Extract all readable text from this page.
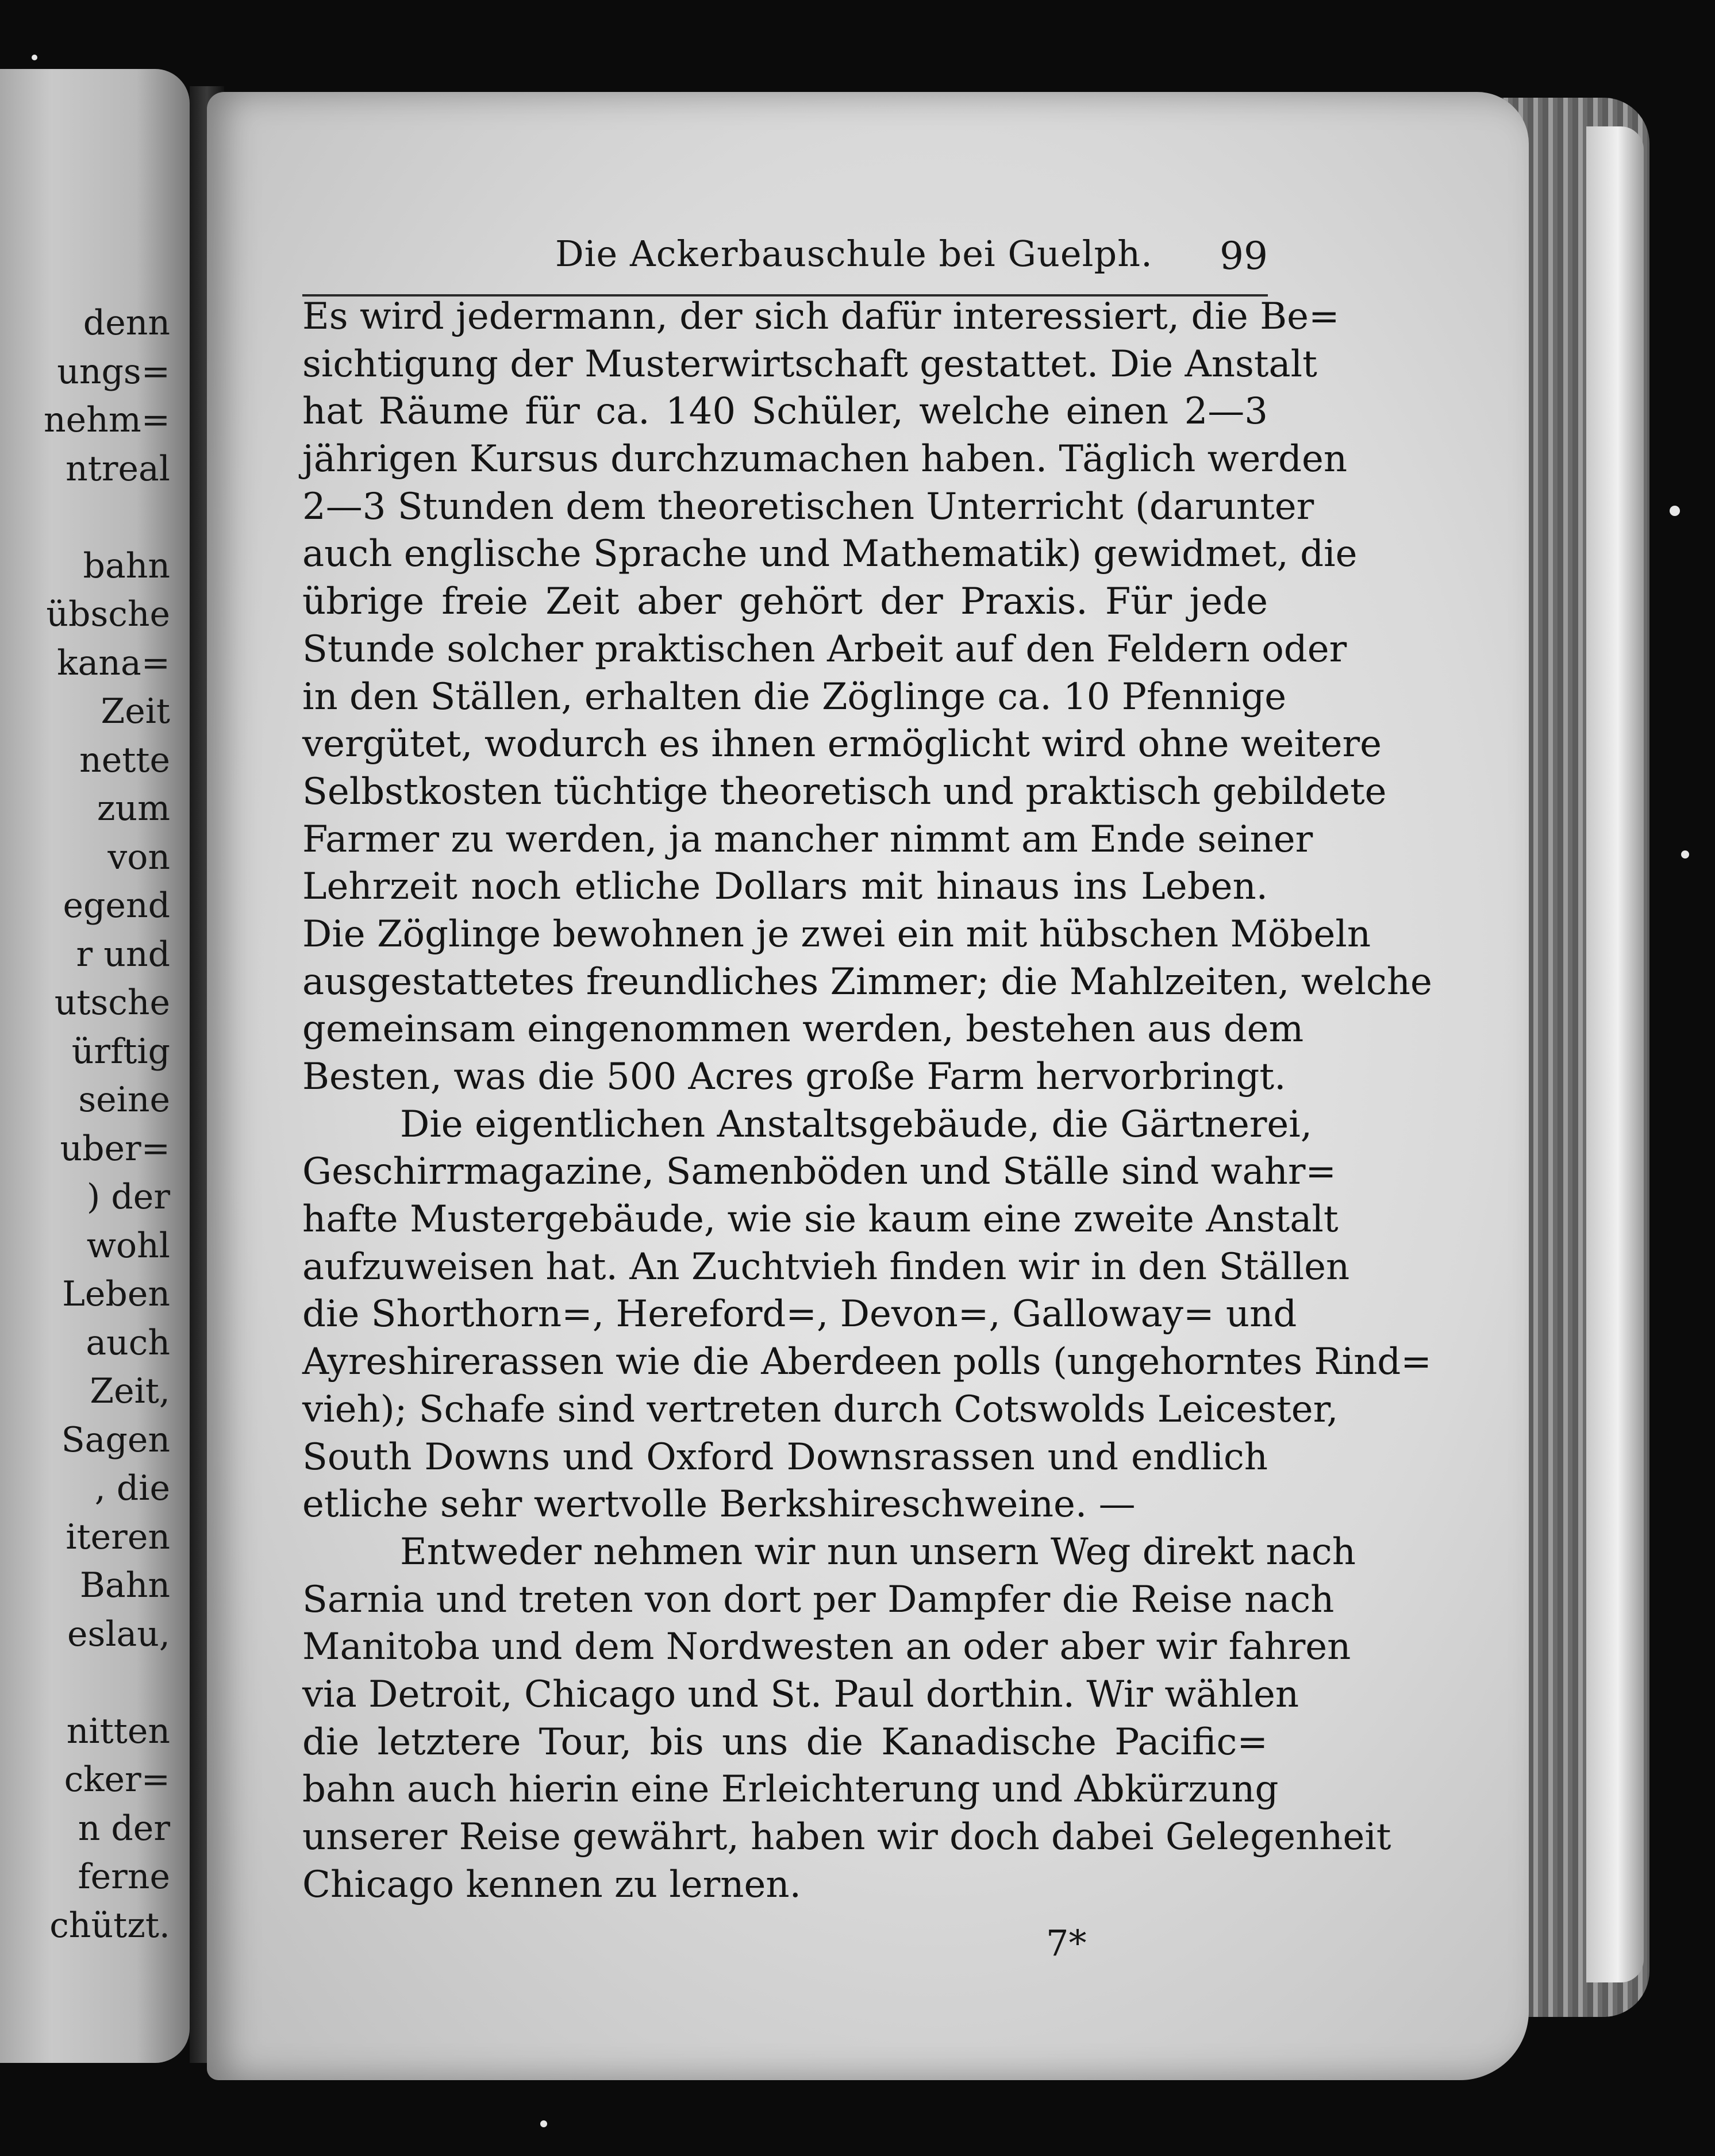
denn
ungs=
nehm=
ntreal

bahn
übsche
kana=
Zeit
nette
zum
von
egend
r und
utsche
ürftig
seine
uber=
) der
wohl
Leben
auch
Zeit,
Sagen
, die
iteren
Bahn
eslau,

nitten
cker=
n der
ferne
chützt.
Die Ackerbauschule bei Guelph. 99
Es wird jedermann, der sich dafür interessiert, die Be=
sichtigung der Musterwirtschaft gestattet. Die Anstalt
hat Räume für ca. 140 Schüler, welche einen 2—3
jährigen Kursus durchzumachen haben. Täglich werden
2—3 Stunden dem theoretischen Unterricht (darunter
auch englische Sprache und Mathematik) gewidmet, die
übrige freie Zeit aber gehört der Praxis. Für jede
Stunde solcher praktischen Arbeit auf den Feldern oder
in den Ställen, erhalten die Zöglinge ca. 10 Pfennige
vergütet, wodurch es ihnen ermöglicht wird ohne weitere
Selbstkosten tüchtige theoretisch und praktisch gebildete
Farmer zu werden, ja mancher nimmt am Ende seiner
Lehrzeit noch etliche Dollars mit hinaus ins Leben.
Die Zöglinge bewohnen je zwei ein mit hübschen Möbeln
ausgestattetes freundliches Zimmer; die Mahlzeiten, welche
gemeinsam eingenommen werden, bestehen aus dem
Besten, was die 500 Acres große Farm hervorbringt.
Die eigentlichen Anstaltsgebäude, die Gärtnerei,
Geschirrmagazine, Samenböden und Ställe sind wahr=
hafte Mustergebäude, wie sie kaum eine zweite Anstalt
aufzuweisen hat. An Zuchtvieh finden wir in den Ställen
die Shorthorn=, Hereford=, Devon=, Galloway= und
Ayreshirerassen wie die Aberdeen polls (ungehorntes Rind=
vieh); Schafe sind vertreten durch Cotswolds Leicester,
South Downs und Oxford Downsrassen und endlich
etliche sehr wertvolle Berkshireschweine. —
Entweder nehmen wir nun unsern Weg direkt nach
Sarnia und treten von dort per Dampfer die Reise nach
Manitoba und dem Nordwesten an oder aber wir fahren
via Detroit, Chicago und St. Paul dorthin. Wir wählen
die letztere Tour, bis uns die Kanadische Pacific=
bahn auch hierin eine Erleichterung und Abkürzung
unserer Reise gewährt, haben wir doch dabei Gelegenheit
Chicago kennen zu lernen.
7*
